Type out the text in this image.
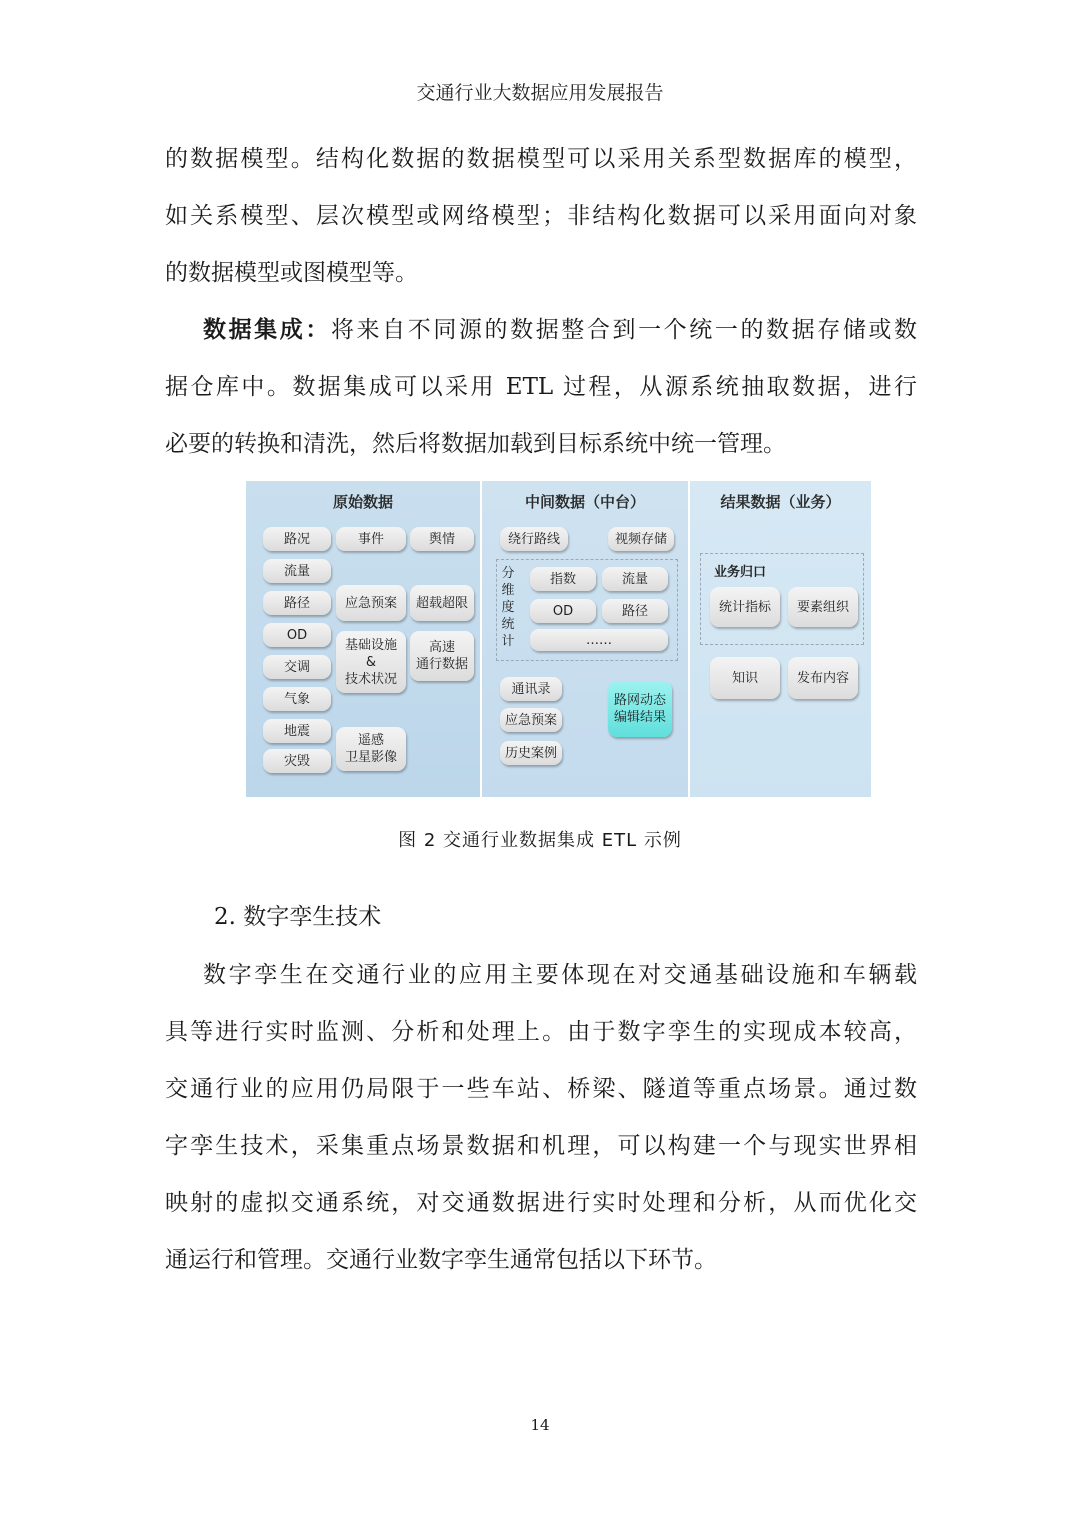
交通行业大数据应用发展报告
的数据模型。结构化数据的数据模型可以采用关系型数据库的模型，
如关系模型、层次模型或网络模型；非结构化数据可以采用面向对象
的数据模型或图模型等。
数据集成：将来自不同源的数据整合到一个统一的数据存储或数
据仓库中。数据集成可以采用 ETL 过程，从源系统抽取数据，进行
必要的转换和清洗，然后将数据加载到目标系统中统一管理。
原始数据
路况	事件	舆情
流量
路径
OD
交调
气象
地震
灾毁
应急预案	超载超限
基础设施
&
技术状况
高速
通行数据
遥感
卫星影像
中间数据（中台）
绕行路线	视频存储
分
维
度
统
计
指数	流量
OD	路径
……
通讯录
应急预案
历史案例
路网动态
编辑结果
结果数据（业务）
业务归口
统计指标	要素组织
知识	发布内容
图 2 交通行业数据集成 ETL 示例
2. 数字孪生技术
数字孪生在交通行业的应用主要体现在对交通基础设施和车辆载
具等进行实时监测、分析和处理上。由于数字孪生的实现成本较高，
交通行业的应用仍局限于一些车站、桥梁、隧道等重点场景。通过数
字孪生技术，采集重点场景数据和机理，可以构建一个与现实世界相
映射的虚拟交通系统，对交通数据进行实时处理和分析，从而优化交
通运行和管理。交通行业数字孪生通常包括以下环节。
14
